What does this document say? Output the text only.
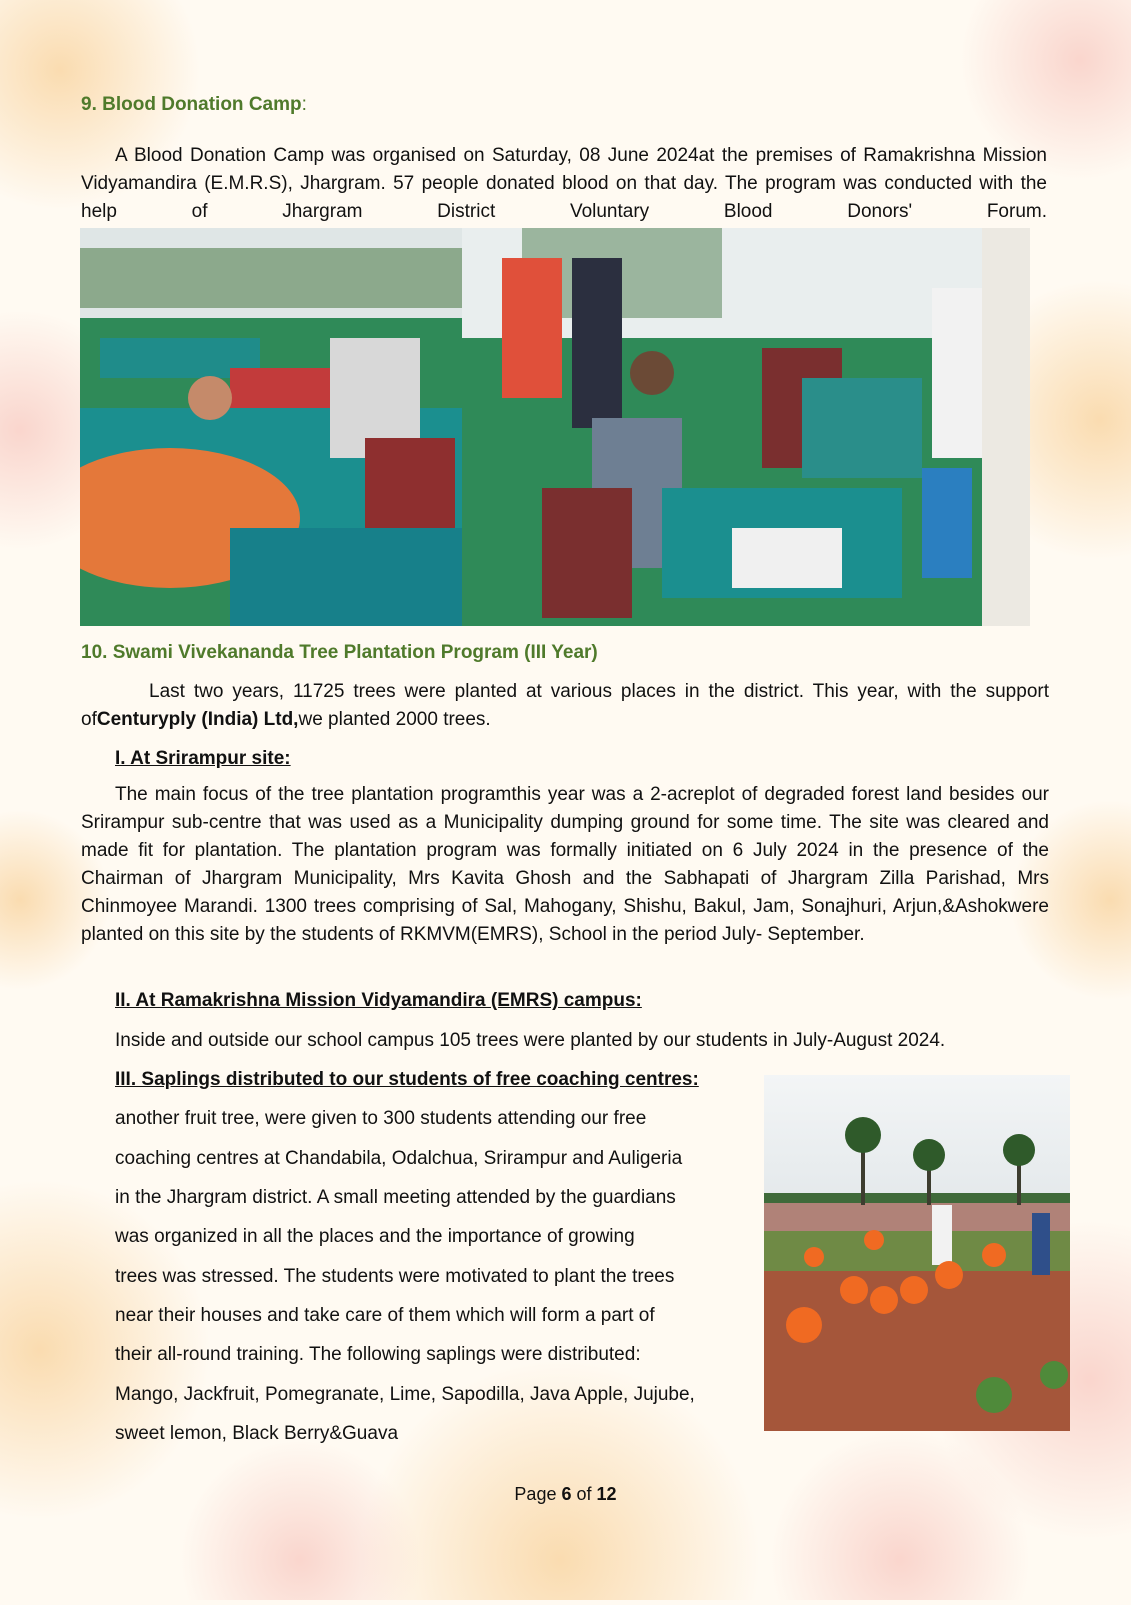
9. Blood Donation Camp:
A Blood Donation Camp was organised on Saturday, 08 June 2024at the premises of Ramakrishna Mission Vidyamandira (E.M.R.S), Jhargram. 57 people donated blood on that day. The program was conducted with the help of Jhargram District Voluntary Blood Donors' Forum.
10. Swami Vivekananda Tree Plantation Program (III Year)
Last two years, 11725 trees were planted at various places in the district. This year, with the support ofCenturyply (India) Ltd,we planted 2000 trees.
I. At Srirampur site:
The main focus of the tree plantation programthis year was a 2-acreplot of degraded forest land besides our Srirampur sub-centre that was used as a Municipality dumping ground for some time. The site was cleared and made fit for plantation. The plantation program was formally initiated on 6 July 2024 in the presence of the Chairman of Jhargram Municipality, Mrs Kavita Ghosh and the Sabhapati of Jhargram Zilla Parishad, Mrs Chinmoyee Marandi. 1300 trees comprising of Sal, Mahogany, Shishu, Bakul, Jam, Sonajhuri, Arjun,&Ashokwere planted on this site by the students of RKMVM(EMRS), School in the period July- September.
II. At Ramakrishna Mission Vidyamandira (EMRS) campus:
Inside and outside our school campus 105 trees were planted by our students in July-August 2024.
III. Saplings distributed to our students of free coaching centres:
another fruit tree, were given to 300 students attending our free
coaching centres at Chandabila, Odalchua, Srirampur and Auligeria
in the Jhargram district. A small meeting attended by the guardians
was organized in all the places and the importance of growing
trees was stressed. The students were motivated to plant the trees
near their houses and take care of them which will form a part of
their all-round training. The following saplings were distributed:
Mango, Jackfruit, Pomegranate, Lime, Sapodilla, Java Apple, Jujube,
sweet lemon, Black Berry&Guava
Page 6 of 12
